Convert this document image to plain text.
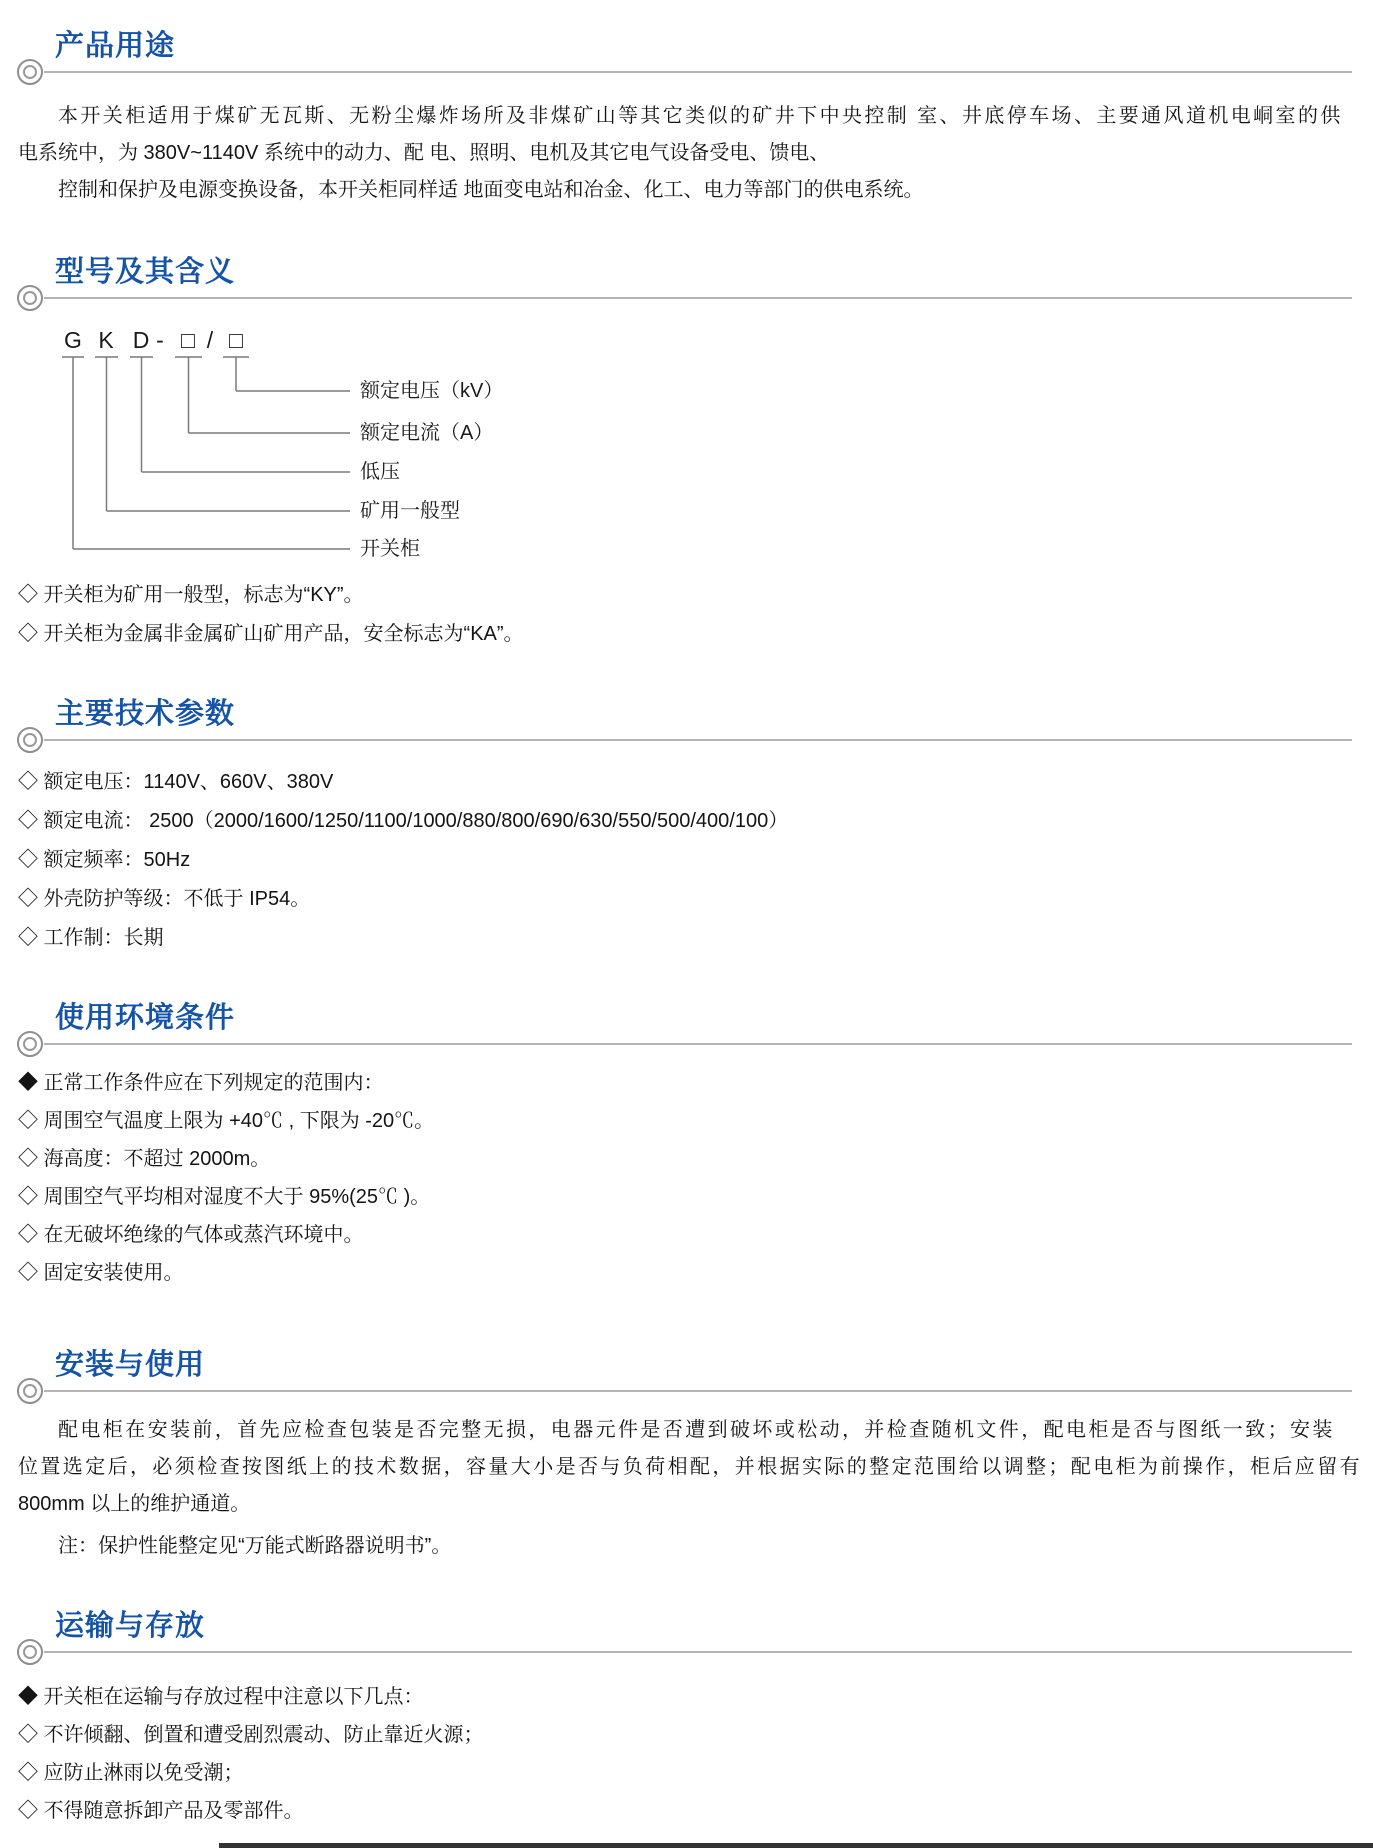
产品用途
本开关柜适用于煤矿无瓦斯、无粉尘爆炸场所及非煤矿山等其它类似的矿井下中央控制 室、井底停车场、主要通风道机电峒室的供
电系统中，为 380V~1140V 系统中的动力、配 电、照明、电机及其它电气设备受电、馈电、
控制和保护及电源变换设备，本开关柜同样适 地面变电站和冶金、化工、电力等部门的供电系统。
型号及其含义
G K D - □ / □
额定电压（kV）
额定电流（A）
低压
矿用一般型
开关柜
◇ 开关柜为矿用一般型，标志为“KY”。
◇ 开关柜为金属非金属矿山矿用产品，安全标志为“KA”。
主要技术参数
◇ 额定电压：1140V、660V、380V
◇ 额定电流： 2500（2000/1600/1250/1100/1000/880/800/690/630/550/500/400/100）
◇ 额定频率：50Hz
◇ 外壳防护等级：不低于 IP54。
◇ 工作制：长期
使用环境条件
◆ 正常工作条件应在下列规定的范围内：
◇ 周围空气温度上限为 +40℃ , 下限为 -20℃。
◇ 海高度：不超过 2000m。
◇ 周围空气平均相对湿度不大于 95%(25℃ )。
◇ 在无破坏绝缘的气体或蒸汽环境中。
◇ 固定安装使用。
安装与使用
配电柜在安装前，首先应检查包装是否完整无损，电器元件是否遭到破坏或松动，并检查随机文件，配电柜是否与图纸一致；安装
位置选定后，必须检查按图纸上的技术数据，容量大小是否与负荷相配，并根据实际的整定范围给以调整；配电柜为前操作，柜后应留有
800mm 以上的维护通道。
注：保护性能整定见“万能式断路器说明书”。
运输与存放
◆ 开关柜在运输与存放过程中注意以下几点：
◇ 不许倾翻、倒置和遭受剧烈震动、防止靠近火源；
◇ 应防止淋雨以免受潮；
◇ 不得随意拆卸产品及零部件。
